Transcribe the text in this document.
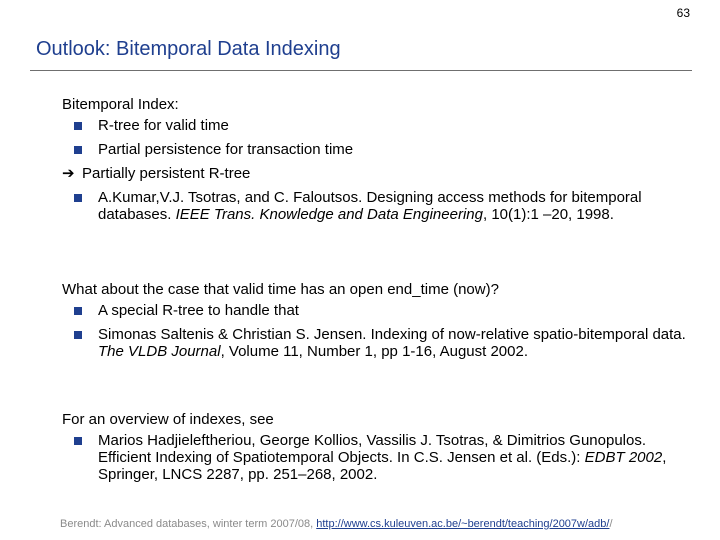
63
Outlook: Bitemporal Data Indexing
Bitemporal Index:
R-tree for valid time
Partial persistence for transaction time
➔ Partially persistent R-tree
A.Kumar,V.J. Tsotras, and C. Faloutsos. Designing access methods for bitemporal databases. IEEE Trans. Knowledge and Data Engineering, 10(1):1 –20, 1998.
What about the case that valid time has an open end_time (now)?
A special R-tree to handle that
Simonas Saltenis & Christian S. Jensen. Indexing of now-relative spatio-bitemporal data. The VLDB Journal, Volume 11, Number 1, pp 1-16, August 2002.
For an overview of indexes, see
Marios Hadjieleftheriou, George Kollios, Vassilis J. Tsotras, & Dimitrios Gunopulos. Efficient Indexing of Spatiotemporal Objects. In C.S. Jensen et al. (Eds.): EDBT 2002, Springer, LNCS 2287, pp. 251–268, 2002.
Berendt: Advanced databases, winter term 2007/08, http://www.cs.kuleuven.ac.be/~berendt/teaching/2007w/adb//
